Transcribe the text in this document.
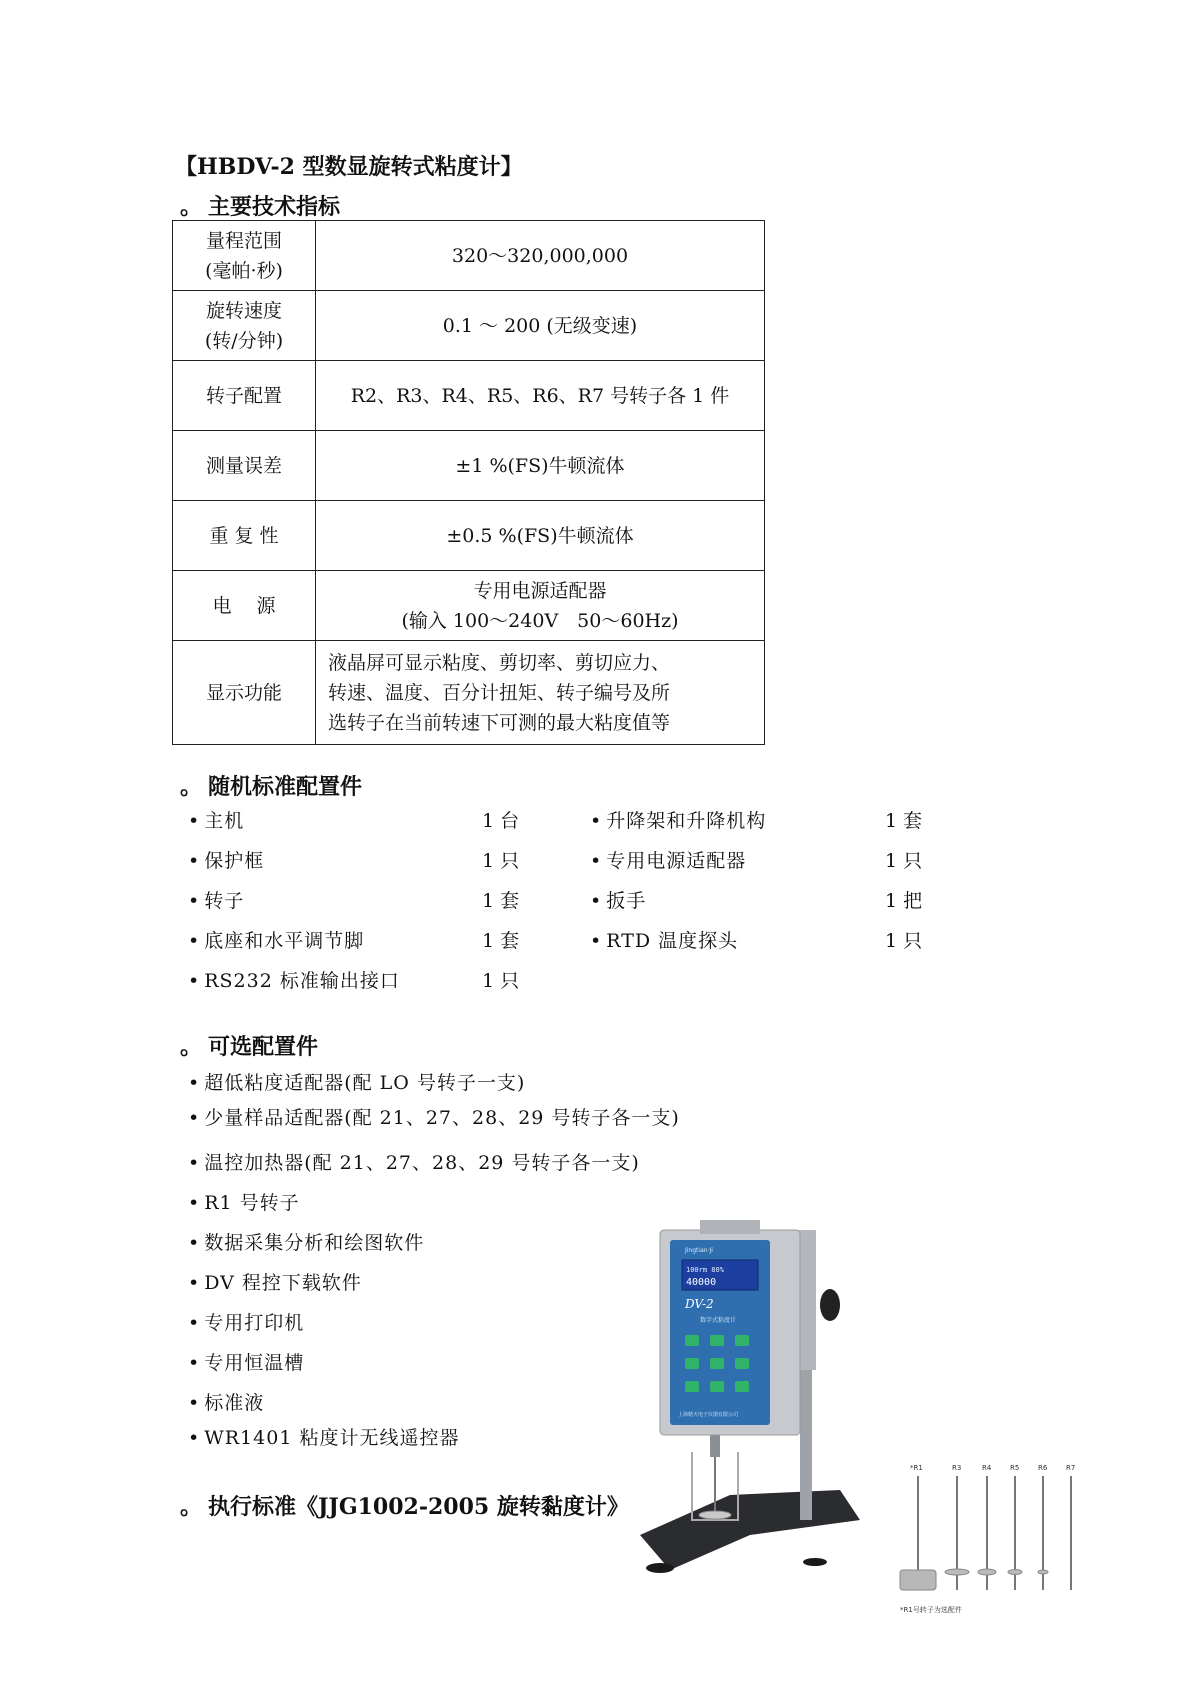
【HBDV-2 型数显旋转式粘度计】
。 主要技术指标
量程范围
(毫帕·秒)	320～320,000,000

旋转速度
(转/分钟)	0.1 ～ 200 (无级变速)
转子配置	R2、R3、R4、R5、R6、R7 号转子各 1 件
测量误差	±1 %(FS)牛顿流体
重 复 性	±0.5 %(FS)牛顿流体
电　 源	专用电源适配器
(输入 100～240V　50～60Hz)

显示功能	液晶屏可显示粘度、剪切率、剪切应力、
转速、温度、百分计扭矩、转子编号及所
选转子在当前转速下可测的最大粘度值等
。 随机标准配置件
• 主机	1 台
• 保护框	1 只
• 转子	1 套
• 底座和水平调节脚	1 套
• RS232 标准输出接口	1 只
• 升降架和升降机构	1 套
• 专用电源适配器	1 只
• 扳手	1 把
• RTD 温度探头	1 只
。 可选配置件
• 超低粘度适配器(配 LO 号转子一支)
• 少量样品适配器(配 21、27、28、29 号转子各一支)
• 温控加热器(配 21、27、28、29 号转子各一支)
• R1 号转子
• 数据采集分析和绘图软件
• DV 程控下载软件
• 专用打印机
• 专用恒温槽
• 标准液
• WR1401 粘度计无线遥控器
。 执行标准《JJG1002-2005 旋转黏度计》
Jingtian·Ji
100rm 80%
40000
DV-2
数字式粘度计
上海精天电子仪器有限公司
*R1	R3	R4	R5	R6	R7
*R1号转子为选配件
